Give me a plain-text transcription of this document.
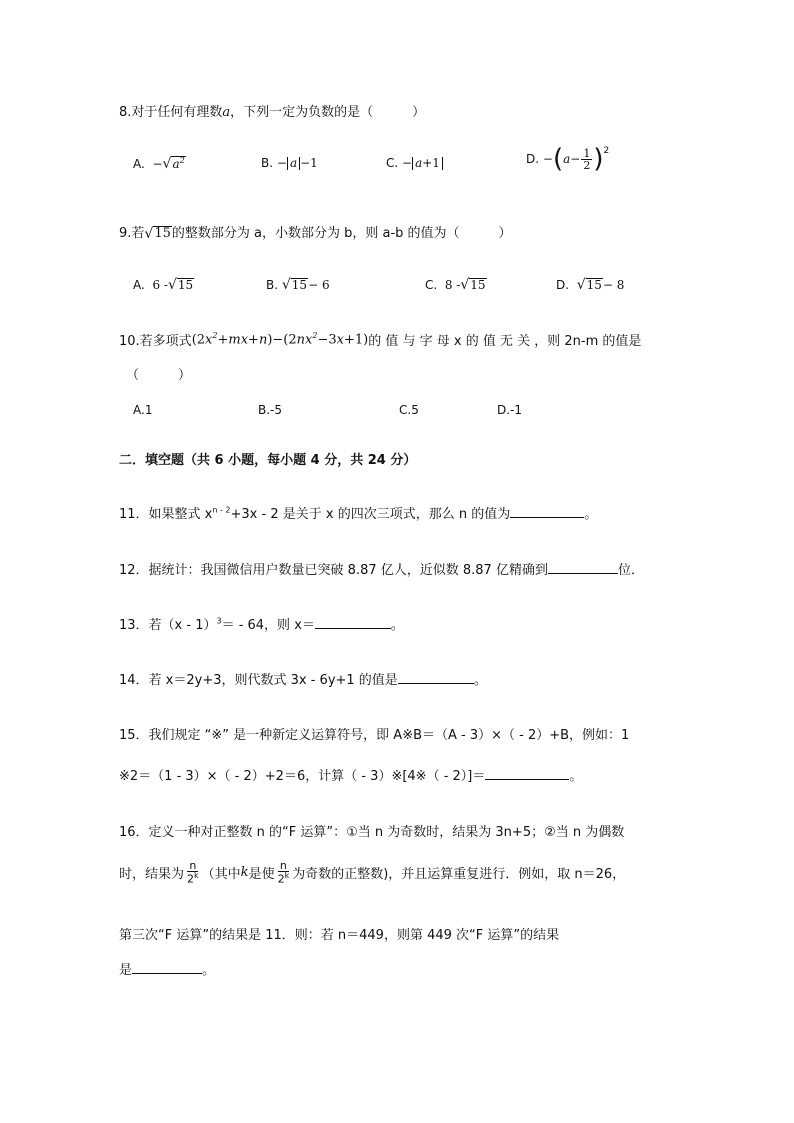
8.对于任何有理数a，下列一定为负数的是（　　　）
A.  − √ $a^2$	B. − a −1	C. − a+1	D. − ( $a - \frac{1}{2} )^2$
9.若 √ 15 的整数部分为 a，小数部分为 b，则 a-b 的值为（　　　）
A.
6 - √ 15	B.
√ 15 − 6	C.
8 - √ 15	D.
√ 15 − 8
10.若多项式 $(2x^2+mx+n)-(2nx^2-3x+1)$ 的 值 与 字 母 x 的 值 无 关 ，则 2n-m 的值是
（　　　）
A.1	B.-5	C.5	D.-1
二．填空题（共 6 小题，每小题 4 分，共 24 分）
11．如果整式 $x^{n - 2}+3x - 2$ 是关于 x 的四次三项式，那么 n 的值为	。
12．据统计：我国微信用户数量已突破 8.87 亿人，近似数 8.87 亿精确到	位．
13．若（x - 1）$^3$＝ - 64，则 x＝	。
14．若 x＝2y+3，则代数式 3x - 6y+1 的值是	。
15．我们规定 “※” 是一种新定义运算符号，即 A※B＝（A - 3）×（ - 2）+B，例如：1
※2＝（1 - 3）×（ - 2）+2＝6，计算（ - 3）※[4※（ - 2）]＝	。
16．定义一种对正整数 n 的“F 运算”：①当 n 为奇数时，结果为 3n+5；②当 n 为偶数
时，结果为 $\frac{n}{2^k}$ （其中 k 是使 $\frac{n}{2^k}$ 为奇数的正整数)，并且运算重复进行．例如，取 n＝26，
第三次“F 运算”的结果是 11．则：若 n＝449，则第 449 次“F 运算”的结果
是	。
